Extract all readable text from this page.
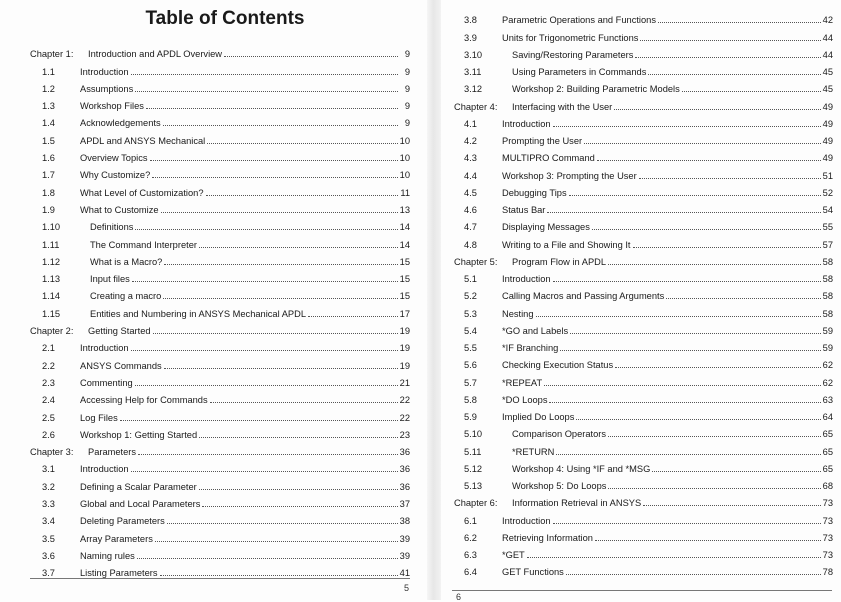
Table of Contents
Chapter 1:	Introduction and APDL Overview	9
1.1	Introduction	9
1.2	Assumptions	9
1.3	Workshop Files	9
1.4	Acknowledgements	9
1.5	APDL and ANSYS Mechanical	10
1.6	Overview Topics	10
1.7	Why Customize?	10
1.8	What Level of Customization?	11
1.9	What to Customize	13
1.10	Definitions	14
1.11	The Command Interpreter	14
1.12	What is a Macro?	15
1.13	Input files	15
1.14	Creating a macro	15
1.15	Entities and Numbering in ANSYS Mechanical APDL	17
Chapter 2:	Getting Started	19
2.1	Introduction	19
2.2	ANSYS Commands	19
2.3	Commenting	21
2.4	Accessing Help for Commands	22
2.5	Log Files	22
2.6	Workshop 1: Getting Started	23
Chapter 3:	Parameters	36
3.1	Introduction	36
3.2	Defining a Scalar Parameter	36
3.3	Global and Local Parameters	37
3.4	Deleting Parameters	38
3.5	Array Parameters	39
3.6	Naming rules	39
3.7	Listing Parameters	41
3.8	Parametric Operations and Functions	42
3.9	Units for Trigonometric Functions	44
3.10	Saving/Restoring Parameters	44
3.11	Using Parameters in Commands	45
3.12	Workshop 2: Building Parametric Models	45
Chapter 4:	Interfacing with the User	49
4.1	Introduction	49
4.2	Prompting the User	49
4.3	MULTIPRO Command	49
4.4	Workshop 3: Prompting the User	51
4.5	Debugging Tips	52
4.6	Status Bar	54
4.7	Displaying Messages	55
4.8	Writing to a File and Showing It	57
Chapter 5:	Program Flow in APDL	58
5.1	Introduction	58
5.2	Calling Macros and Passing Arguments	58
5.3	Nesting	58
5.4	*GO and Labels	59
5.5	*IF Branching	59
5.6	Checking Execution Status	62
5.7	*REPEAT	62
5.8	*DO Loops	63
5.9	Implied Do Loops	64
5.10	Comparison Operators	65
5.11	*RETURN	65
5.12	Workshop 4: Using *IF and *MSG	65
5.13	Workshop 5: Do Loops	68
Chapter 6:	Information Retrieval in ANSYS	73
6.1	Introduction	73
6.2	Retrieving Information	73
6.3	*GET	73
6.4	GET Functions	78
5
6
